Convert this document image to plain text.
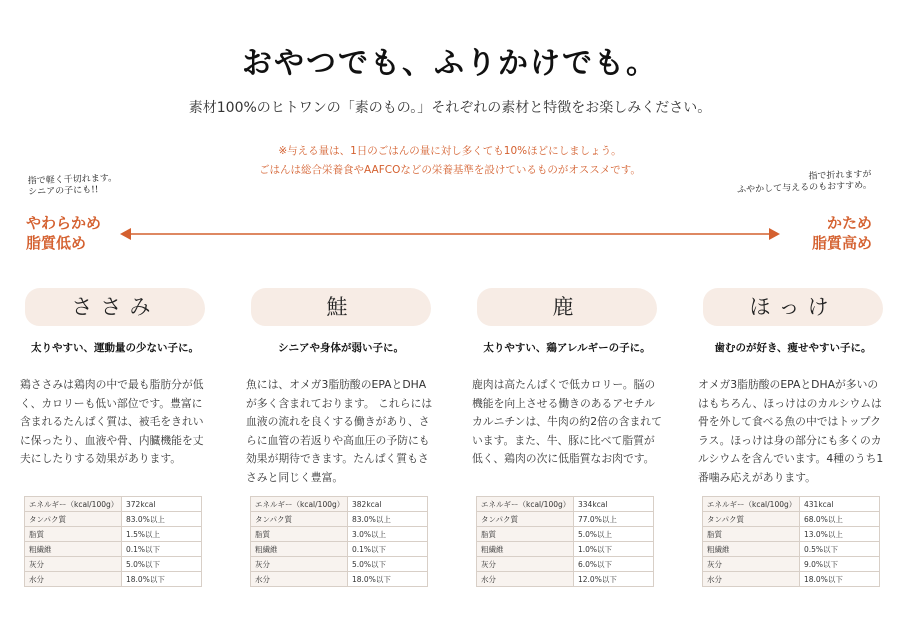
おやつでも、ふりかけでも。
素材100%のヒトワンの「素のもの。」それぞれの素材と特徴をお楽しみください。
※与える量は、1日のごはんの量に対し多くても10%ほどにしましょう。
ごはんは総合栄養食やAAFCOなどの栄養基準を設けているものがオススメです。
指で軽く千切れます。
シニアの子にも!!
指で折れますが
ふやかして与えるのもおすすめ。
やわらかめ
脂質低め
かため
脂質高め
ささみ
太りやすい、運動量の少ない子に。
鶏ささみは鶏肉の中で最も脂肪分が低く、カロリーも低い部位です。豊富に含まれるたんぱく質は、被毛をきれいに保ったり、血液や骨、内臓機能を丈夫にしたりする効果があります。
鮭
シニアや身体が弱い子に。
魚には、オメガ3脂肪酸のEPAとDHAが多く含まれております。 これらには血液の流れを良くする働きがあり、さらに血管の若返りや高血圧の予防にも効果が期待できます。たんぱく質もささみと同じく豊富。
鹿
太りやすい、鶏アレルギーの子に。
鹿肉は高たんぱくで低カロリー。脳の機能を向上させる働きのあるアセチルカルニチンは、牛肉の約2倍の含まれています。また、牛、豚に比べて脂質が低く、鶏肉の次に低脂質なお肉です。
ほっけ
歯むのが好き、痩せやすい子に。
オメガ3脂肪酸のEPAとDHAが多いのはもちろん、ほっけはのカルシウムは骨を外して食べる魚の中ではトップクラス。ほっけは身の部分にも多くのカルシウムを含んでいます。4種のうち1番噛み応えがあります。
エネルギー（kcal/100g）	372kcal
タンパク質	83.0%以上
脂質	1.5%以上
粗繊維	0.1%以下
灰分	5.0%以下
水分	18.0%以下
エネルギー（kcal/100g）	382kcal
タンパク質	83.0%以上
脂質	3.0%以上
粗繊維	0.1%以下
灰分	5.0%以下
水分	18.0%以下
エネルギー（kcal/100g）	334kcal
タンパク質	77.0%以上
脂質	5.0%以上
粗繊維	1.0%以下
灰分	6.0%以下
水分	12.0%以下
エネルギー（kcal/100g）	431kcal
タンパク質	68.0%以上
脂質	13.0%以上
粗繊維	0.5%以下
灰分	9.0%以下
水分	18.0%以下
